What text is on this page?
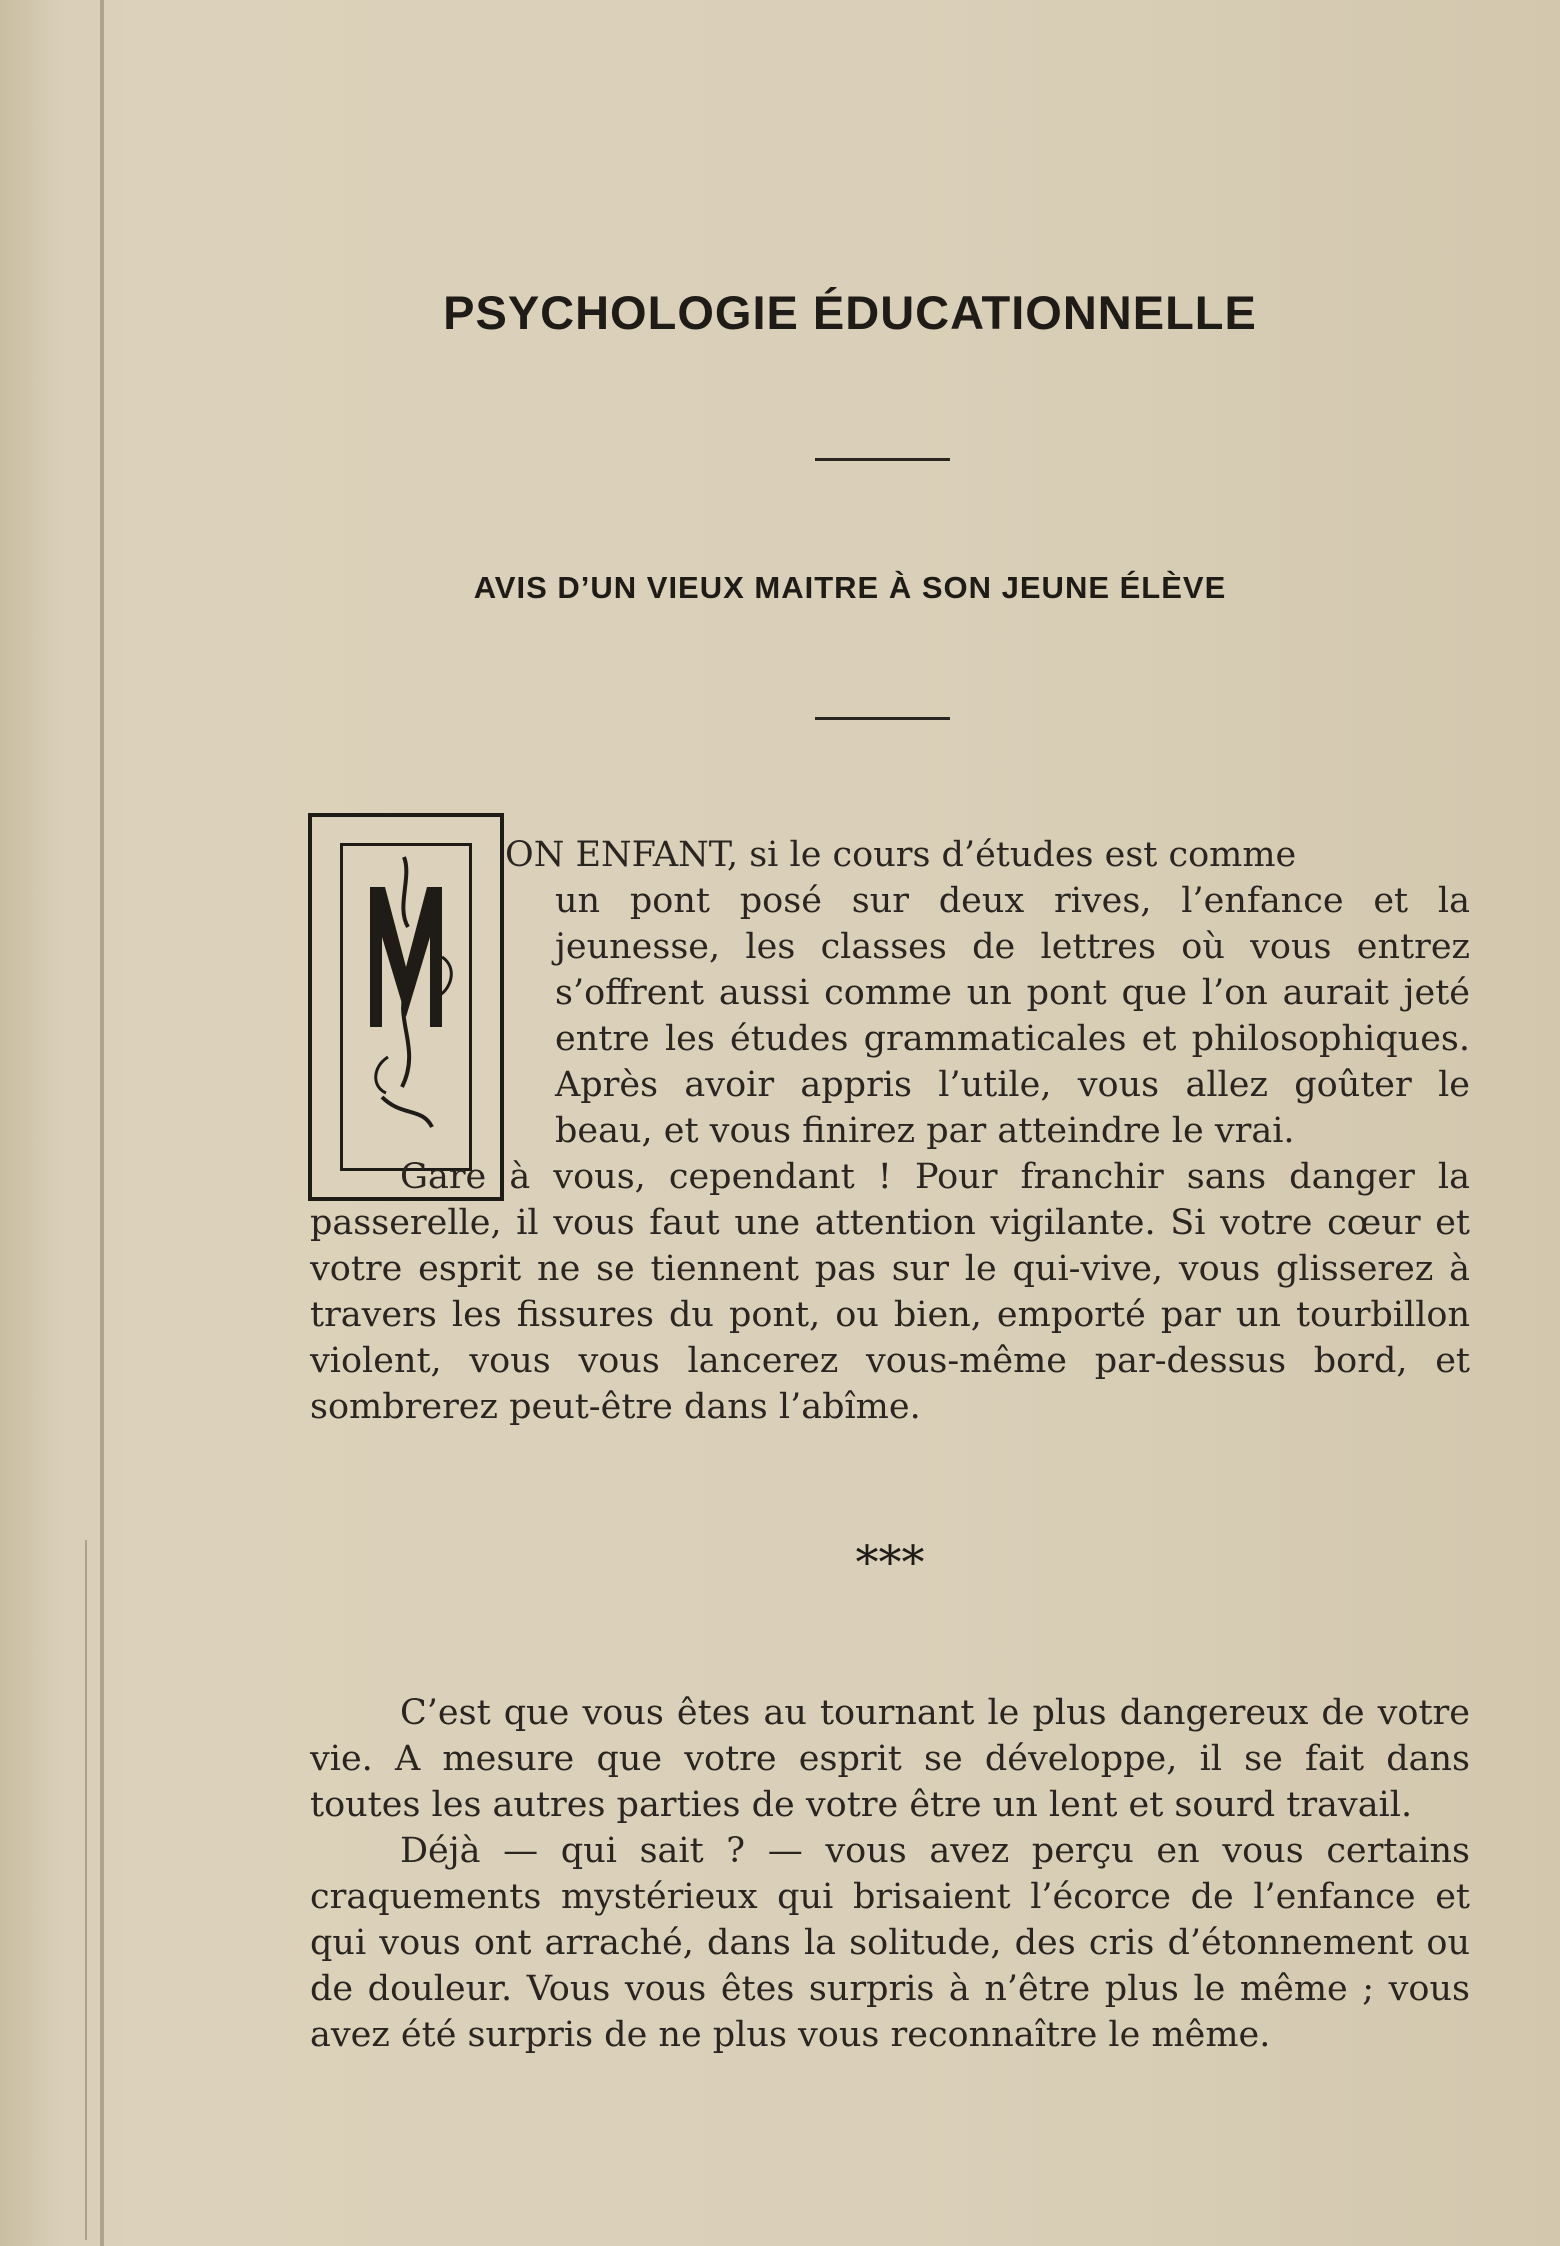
PSYCHOLOGIE ÉDUCATIONNELLE
AVIS D’UN VIEUX MAITRE À SON JEUNE ÉLÈVE

ON ENFANT, si le cours d’études est comme

un pont posé sur deux rives, l’enfance et la jeunesse, les classes de lettres où vous entrez s’offrent aussi comme un pont que l’on aurait jeté entre les études grammaticales et philosophiques. Après avoir appris l’utile, vous allez goûter le beau, et vous finirez par atteindre le vrai.

Gare à vous, cependant ! Pour franchir sans danger la passerelle, il vous faut une attention vigilante. Si votre cœur et votre esprit ne se tiennent pas sur le qui-vive, vous glisserez à travers les fissures du pont, ou bien, emporté par un tourbillon violent, vous vous lancerez vous-même par-dessus bord, et sombrerez peut-être dans l’abîme.

***

C’est que vous êtes au tournant le plus dangereux de votre vie. A mesure que votre esprit se développe, il se fait dans toutes les autres parties de votre être un lent et sourd travail.

Déjà — qui sait ? — vous avez perçu en vous certains craquements mystérieux qui brisaient l’écorce de l’enfance et qui vous ont arraché, dans la solitude, des cris d’étonnement ou de douleur. Vous vous êtes surpris à n’être plus le même ; vous avez été surpris de ne plus vous reconnaître le même.
